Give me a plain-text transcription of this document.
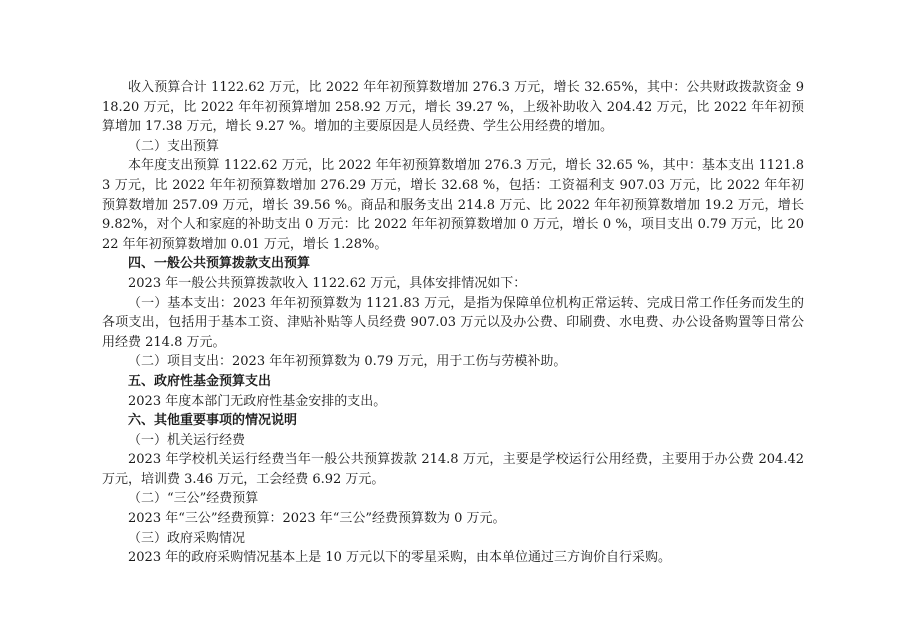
收入预算合计 1122.62 万元，比 2022 年年初预算数增加 276.3 万元，增长 32.65%，其中：公共财政拨款资金 918.20 万元，比 2022 年年初预算增加 258.92 万元，增长 39.27 %，上级补助收入 204.42 万元，比 2022 年年初预算增加 17.38 万元，增长 9.27 %。增加的主要原因是人员经费、学生公用经费的增加。

（二）支出预算

本年度支出预算 1122.62 万元，比 2022 年年初预算数增加 276.3 万元，增长 32.65 %，其中：基本支出 1121.83 万元，比 2022 年年初预算数增加 276.29 万元，增长 32.68 %，包括：工资福利支 907.03 万元，比 2022 年年初预算数增加 257.09 万元，增长 39.56 %。商品和服务支出 214.8 万元、比 2022 年年初预算数增加 19.2 万元，增长 9.82%，对个人和家庭的补助支出 0 万元：比 2022 年年初预算数增加 0 万元，增长 0 %，项目支出 0.79 万元，比 2022 年年初预算数增加 0.01 万元，增长 1.28%。

四、一般公共预算拨款支出预算

2023 年一般公共预算拨款收入 1122.62 万元，具体安排情况如下：

（一）基本支出：2023 年年初预算数为 1121.83 万元，是指为保障单位机构正常运转、完成日常工作任务而发生的各项支出，包括用于基本工资、津贴补贴等人员经费 907.03 万元以及办公费、印刷费、水电费、办公设备购置等日常公用经费 214.8 万元。

（二）项目支出：2023 年年初预算数为 0.79 万元，用于工伤与劳模补助。

五、政府性基金预算支出

2023 年度本部门无政府性基金安排的支出。

六、其他重要事项的情况说明

（一）机关运行经费

2023 年学校机关运行经费当年一般公共预算拨款 214.8 万元，主要是学校运行公用经费，主要用于办公费 204.42 万元，培训费 3.46 万元，工会经费 6.92 万元。

（二）“三公”经费预算

2023 年“三公”经费预算：2023 年“三公”经费预算数为 0 万元。

（三）政府采购情况

2023 年的政府采购情况基本上是 10 万元以下的零星采购，由本单位通过三方询价自行采购。
